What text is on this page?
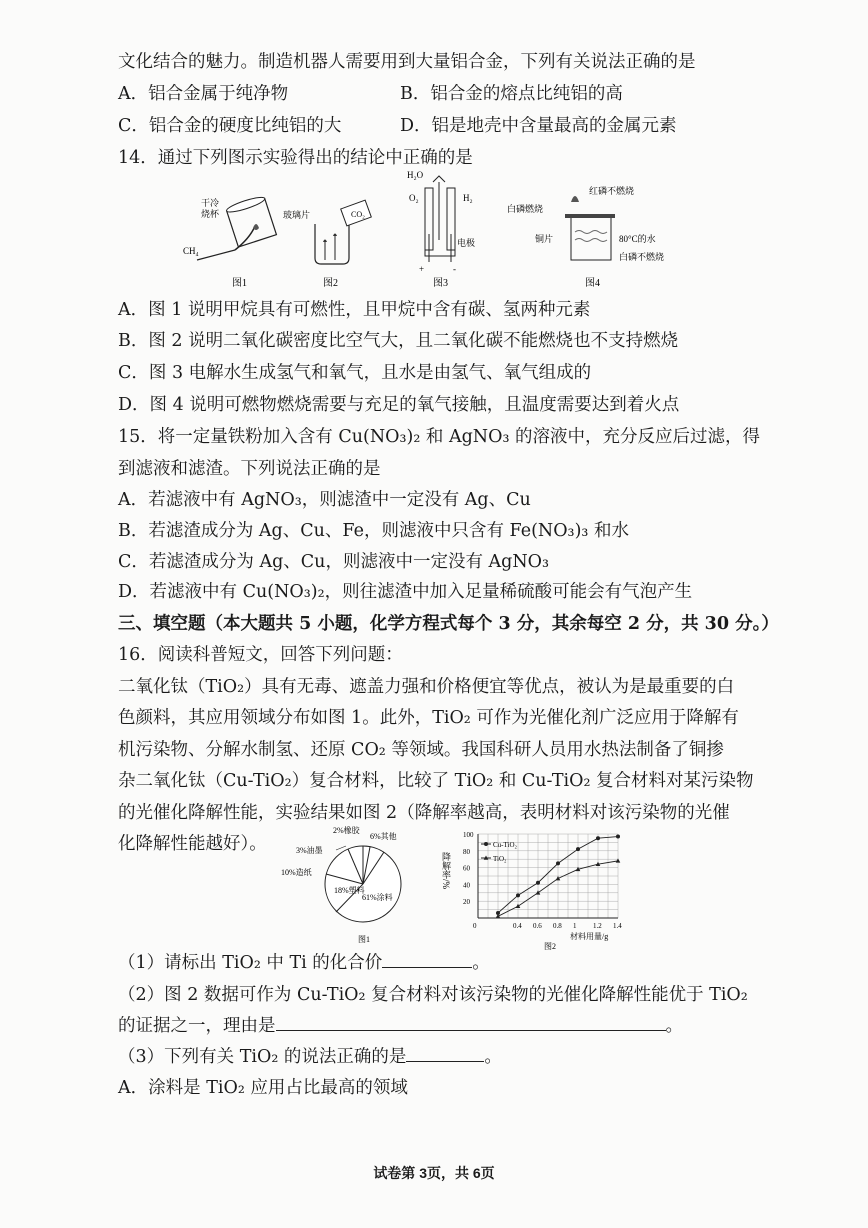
文化结合的魅力。制造机器人需要用到大量铝合金，下列有关说法正确的是
A．铝合金属于纯净物	B．铝合金的熔点比纯铝的高
C．铝合金的硬度比纯铝的大	D．铝是地壳中含量最高的金属元素
14．通过下列图示实验得出的结论中正确的是
干冷
烧杯
CH₄
图1
玻璃片	CO₂
图2
H₂O
O₂	H₂
电极
+	-
图3
红磷不燃烧
白磷燃烧
铜片	80°C的水
白磷不燃烧
图4
A．图 1 说明甲烷具有可燃性，且甲烷中含有碳、氢两种元素
B．图 2 说明二氧化碳密度比空气大，且二氧化碳不能燃烧也不支持燃烧
C．图 3 电解水生成氢气和氧气，且水是由氢气、氧气组成的
D．图 4 说明可燃物燃烧需要与充足的氧气接触，且温度需要达到着火点
15．将一定量铁粉加入含有 Cu(NO₃)₂ 和 AgNO₃ 的溶液中，充分反应后过滤，得
到滤液和滤渣。下列说法正确的是
A．若滤液中有 AgNO₃，则滤渣中一定没有 Ag、Cu
B．若滤渣成分为 Ag、Cu、Fe，则滤液中只含有 Fe(NO₃)₃ 和水
C．若滤渣成分为 Ag、Cu，则滤液中一定没有 AgNO₃
D．若滤液中有 Cu(NO₃)₂，则往滤渣中加入足量稀硫酸可能会有气泡产生
三、填空题（本大题共 5 小题，化学方程式每个 3 分，其余每空 2 分，共 30 分。）
16．阅读科普短文，回答下列问题：
二氧化钛（TiO₂）具有无毒、遮盖力强和价格便宜等优点，被认为是最重要的白
色颜料，其应用领域分布如图 1。此外，TiO₂ 可作为光催化剂广泛应用于降解有
机污染物、分解水制氢、还原 CO₂ 等领域。我国科研人员用水热法制备了铜掺
杂二氧化钛（Cu-TiO₂）复合材料，比较了 TiO₂ 和 Cu-TiO₂ 复合材料对某污染物
的光催化降解性能，实验结果如图 2（降解率越高，表明材料对该污染物的光催
化降解性能越好）。
2%橡胶
6%其他
3%油墨
10%造纸
18%塑料
61%涂料
图1
0	0.4 0.6 0.8 1 1.2 1.4
20
40
60
80
100
Cu-TiO₂
TiO₂
降解率/%
材料用量/g
图2
（1）请标出 TiO₂ 中 Ti 的化合价	。
（2）图 2 数据可作为 Cu-TiO₂ 复合材料对该污染物的光催化降解性能优于 TiO₂
的证据之一，理由是	。
（3）下列有关 TiO₂ 的说法正确的是	。
A．涂料是 TiO₂ 应用占比最高的领域
试卷第 3页，共 6页
